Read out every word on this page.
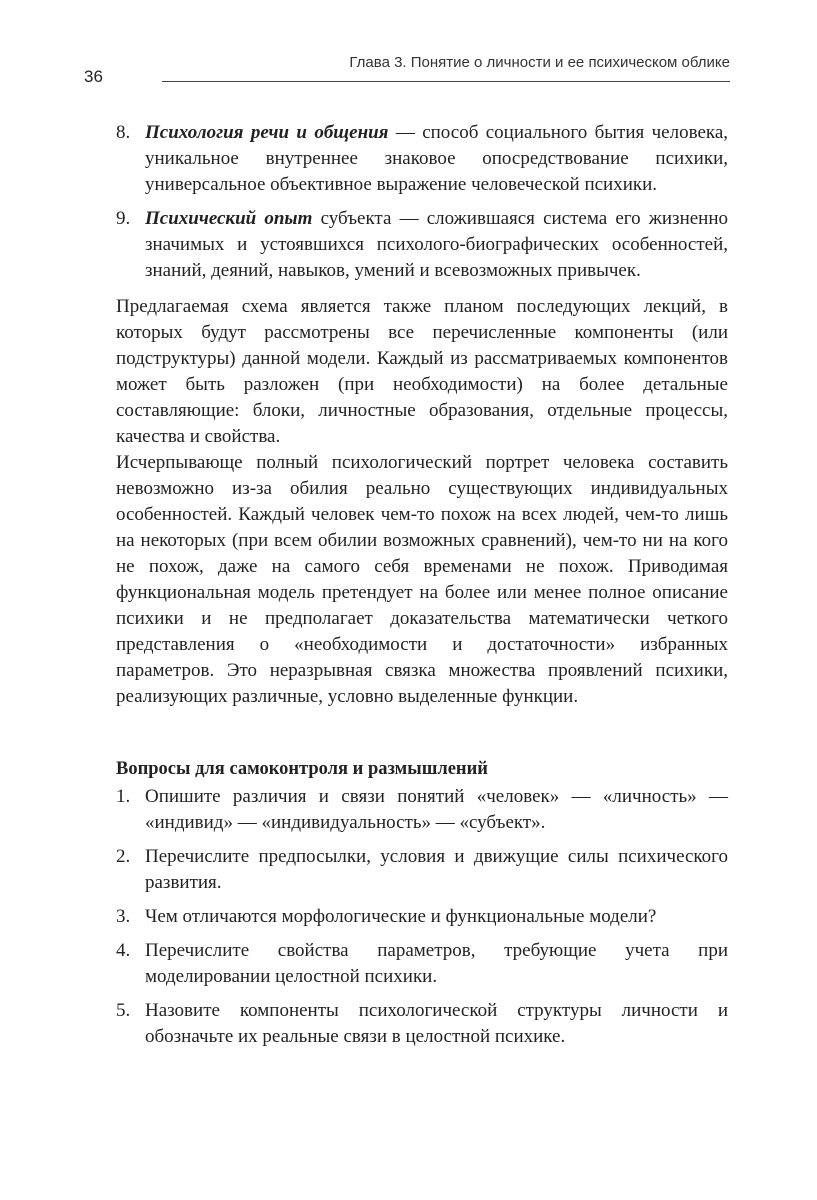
36
Глава 3. Понятие о личности и ее психическом облике
8. Психология речи и общения — способ социального бытия человека, уникальное внутреннее знаковое опосредствование психики, универсальное объективное выражение человеческой психики.
9. Психический опыт субъекта — сложившаяся система его жизненно значимых и устоявшихся психолого-биографических особенностей, знаний, деяний, навыков, умений и всевозможных привычек.

Предлагаемая схема является также планом последующих лекций, в которых будут рассмотрены все перечисленные компоненты (или подструктуры) данной модели. Каждый из рассматриваемых компонентов может быть разложен (при необходимости) на более детальные составляющие: блоки, личностные образования, отдельные процессы, качества и свойства.

Исчерпывающе полный психологический портрет человека составить невозможно из-за обилия реально существующих индивидуальных особенностей. Каждый человек чем-то похож на всех людей, чем-то лишь на некоторых (при всем обилии возможных сравнений), чем-то ни на кого не похож, даже на самого себя временами не похож. Приводимая функциональная модель претендует на более или менее полное описание психики и не предполагает доказательства математически четкого представления о «необходимости и достаточности» избранных параметров. Это неразрывная связка множества проявлений психики, реализующих различные, условно выделенные функции.

Вопросы для самоконтроля и размышлений
1. Опишите различия и связи понятий «человек» — «личность» — «индивид» — «индивидуальность» — «субъект».
2. Перечислите предпосылки, условия и движущие силы психического развития.
3. Чем отличаются морфологические и функциональные модели?
4. Перечислите свойства параметров, требующие учета при моделировании целостной психики.
5. Назовите компоненты психологической структуры личности и обозначьте их реальные связи в целостной психике.
